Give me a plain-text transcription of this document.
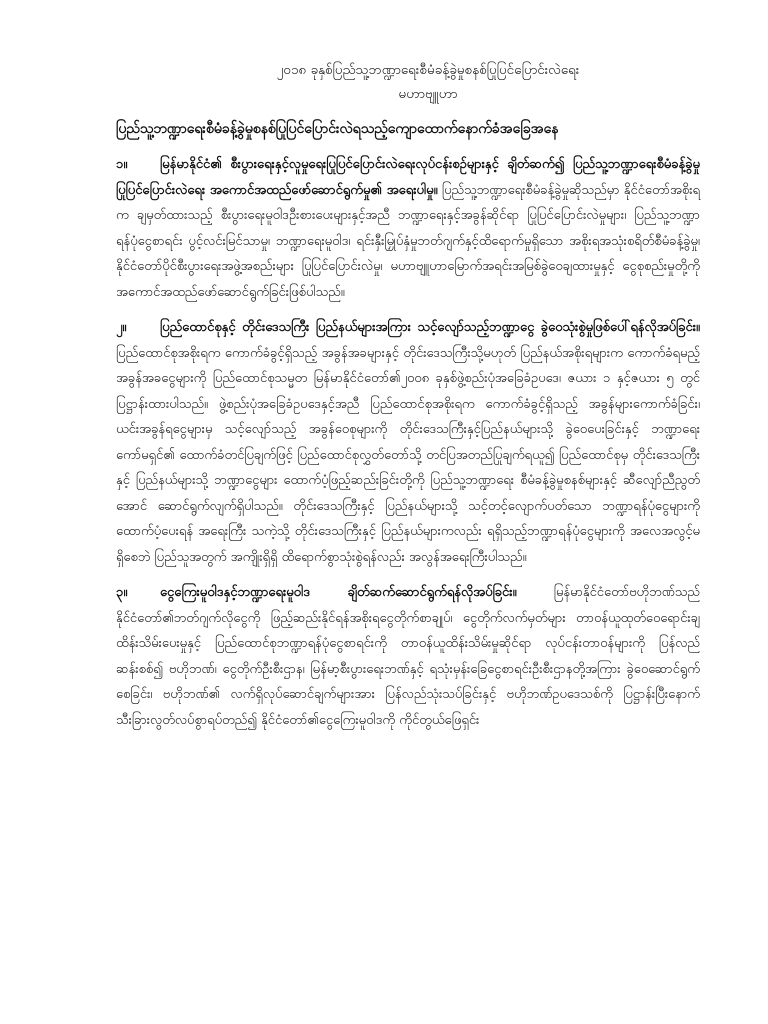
၂၀၁၈ ခုနှစ်ပြည်သူ့ဘဏ္ဍာရေးစီမံခန့်ခွဲမှုစနစ်ပြုပြင်ပြောင်းလဲရေး
မဟာဗျူဟာ
ပြည်သူ့ဘဏ္ဍာရေးစီမံခန့်ခွဲမှုစနစ်ပြုပြင်ပြောင်းလဲရသည့်ကျောထောက်နောက်ခံအခြေအနေ
၁။	မြန်မာနိုင်ငံ၏ စီးပွားရေးနှင့်လူမှုရေးပြုပြင်ပြောင်းလဲရေးလုပ်ငန်းစဉ်များနှင့် ချိတ်ဆက်၍ ပြည်သူ့ဘဏ္ဍာရေးစီမံခန့်ခွဲမှု ပြုပြင်ပြောင်းလဲရေး အကောင်အထည်ဖော်ဆောင်ရွက်မှု၏ အရေးပါမှု။ ပြည်သူ့ဘဏ္ဍာရေးစီမံခန့်ခွဲမှုဆိုသည်မှာ နိုင်ငံတော်အစိုးရက ချမှတ်ထားသည့် စီးပွားရေးမူဝါဒဦးစားပေးများနှင့်အညီ ဘဏ္ဍာရေးနှင့်အခွန်ဆိုင်ရာ ပြုပြင်ပြောင်းလဲမှုများ၊ ပြည်သူ့ဘဏ္ဍာရန်ပုံငွေစာရင်း ပွင့်လင်းမြင်သာမှု၊ ဘဏ္ဍာရေးမူဝါဒ၊ ရင်းနှီးမြှုပ်နှံမှုဘတ်ဂျက်နှင့်ထိရောက်မှုရှိသော အစိုးရအသုံးစရိတ်စီမံခန့်ခွဲမှု၊ နိုင်ငံတော်ပိုင်စီးပွားရေးအဖွဲ့အစည်းများ ပြုပြင်ပြောင်းလဲမှု၊ မဟာဗျူဟာမြောက်အရင်းအမြစ်ခွဲဝေချထားမှုနှင့် ငွေစုစည်းမှုတို့ကို အကောင်အထည်ဖော်ဆောင်ရွက်ခြင်းဖြစ်ပါသည်။
၂။	ပြည်ထောင်စုနှင့် တိုင်းဒေသကြီး ပြည်နယ်များအကြား သင့်လျော်သည့်ဘဏ္ဍာငွေ ခွဲဝေသုံးစွဲမှုဖြစ်ပေါ်ရန်လိုအပ်ခြင်း။ ပြည်ထောင်စုအစိုးရက ကောက်ခံခွင့်ရှိသည့် အခွန်အခများနှင့် တိုင်းဒေသကြီးသို့မဟုတ် ပြည်နယ်အစိုးရများက ကောက်ခံရမည့်အခွန်အခငွေများကို ပြည်ထောင်စုသမ္မတ မြန်မာနိုင်ငံတော်၏၂၀၀၈ ခုနှစ်ဖွဲ့စည်းပုံအခြေခံဥပဒေ၊ ဇယား ၁ နှင့်ဇယား ၅ တွင် ပြဋ္ဌာန်းထားပါသည်။ ဖွဲ့စည်းပုံအခြေခံဥပဒေနှင့်အညီ ပြည်ထောင်စုအစိုးရက ကောက်ခံခွင့်ရှိသည့် အခွန်များကောက်ခံခြင်း၊ ယင်းအခွန်ရငွေများမှ သင့်လျော်သည့် အခွန်ဝေစုများကို တိုင်းဒေသကြီးနှင့်ပြည်နယ်များသို့ ခွဲဝေပေးခြင်းနှင့် ဘဏ္ဍာရေးကော်မရှင်၏ ထောက်ခံတင်ပြချက်ဖြင့် ပြည်ထောင်စုလွှတ်တော်သို့ တင်ပြအတည်ပြုချက်ရယူ၍ ပြည်ထောင်စုမှ တိုင်းဒေသကြီးနှင့် ပြည်နယ်များသို့ ဘဏ္ဍာငွေများ ထောက်ပံ့ဖြည့်ဆည်းခြင်းတို့ကို ပြည်သူ့ဘဏ္ဍာရေး စီမံခန့်ခွဲမှုစနစ်များနှင့် ဆီလျော်ညီညွတ်အောင် ဆောင်ရွက်လျက်ရှိပါသည်။ တိုင်းဒေသကြီးနှင့် ပြည်နယ်များသို့ သင့်တင့်လျောက်ပတ်သော ဘဏ္ဍာရန်ပုံငွေများကို ထောက်ပံ့ပေးရန် အရေးကြီး သကဲ့သို့ တိုင်းဒေသကြီးနှင့် ပြည်နယ်များကလည်း ရရှိသည့်ဘဏ္ဍာရန်ပုံငွေများကို အလေအလွင့်မရှိစေဘဲ ပြည်သူအတွက် အကျိုးရှိရှိ ထိရောက်စွာသုံးစွဲရန်လည်း အလွန်အရေးကြီးပါသည်။
၃။	ငွေကြေးမူဝါဒနှင့်ဘဏ္ဍာရေးမူဝါဒ ချိတ်ဆက်ဆောင်ရွက်ရန်လိုအပ်ခြင်း။ မြန်မာနိုင်ငံတော်ဗဟိုဘဏ်သည် နိုင်ငံတော်၏ဘတ်ဂျက်လိုငွေကို ဖြည့်ဆည်းနိုင်ရန်အစိုးရငွေတိုက်စာချုပ်၊ ငွေတိုက်လက်မှတ်များ တာဝန်ယူထုတ်ဝေရောင်းချထိန်းသိမ်းပေးမှုနှင့် ပြည်ထောင်စုဘဏ္ဍာရန်ပုံငွေစာရင်းကို တာဝန်ယူထိန်းသိမ်းမှုဆိုင်ရာ လုပ်ငန်းတာဝန်များကို ပြန်လည်ဆန်းစစ်၍ ဗဟိုဘဏ်၊ ငွေတိုက်ဦးစီးဌာန၊ မြန်မာ့စီးပွားရေးဘဏ်နှင့် ရသုံးမှန်းခြေငွေစာရင်းဦးစီးဌာနတို့အကြား ခွဲဝေဆောင်ရွက်စေခြင်း၊ ဗဟိုဘဏ်၏ လက်ရှိလုပ်ဆောင်ချက်များအား ပြန်လည်သုံးသပ်ခြင်းနှင့် ဗဟိုဘဏ်ဥပဒေသစ်ကို ပြဋ္ဌာန်းပြီးနောက် သီးခြားလွတ်လပ်စွာရပ်တည်၍ နိုင်ငံတော်၏ငွေကြေးမူဝါဒကို ကိုင်တွယ်ဖြေရှင်း
